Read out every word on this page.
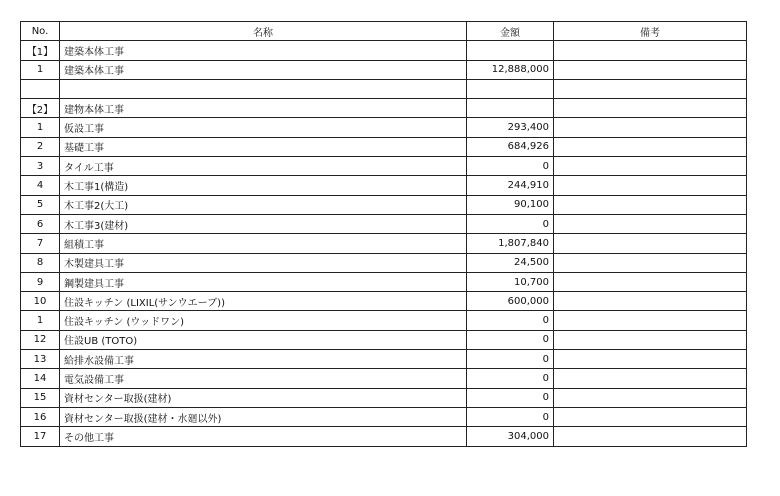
No.	名称	金額	備考
【1】	建築本体工事		
1	建築本体工事	12,888,000	

【2】	建物本体工事		
1	仮設工事	293,400	
2	基礎工事	684,926	
3	タイル工事	0	
4	木工事1(構造)	244,910	
5	木工事2(大工)	90,100	
6	木工事3(建材)	0	
7	組積工事	1,807,840	
8	木製建具工事	24,500	
9	鋼製建具工事	10,700	
10	住設キッチン (LIXIL(サンウエーブ))	600,000	
1	住設キッチン (ウッドワン)	0	
12	住設UB (TOTO)	0	
13	給排水設備工事	0	
14	電気設備工事	0	
15	資材センター取扱(建材)	0	
16	資材センター取扱(建材・水廻以外)	0	
17	その他工事	304,000	
